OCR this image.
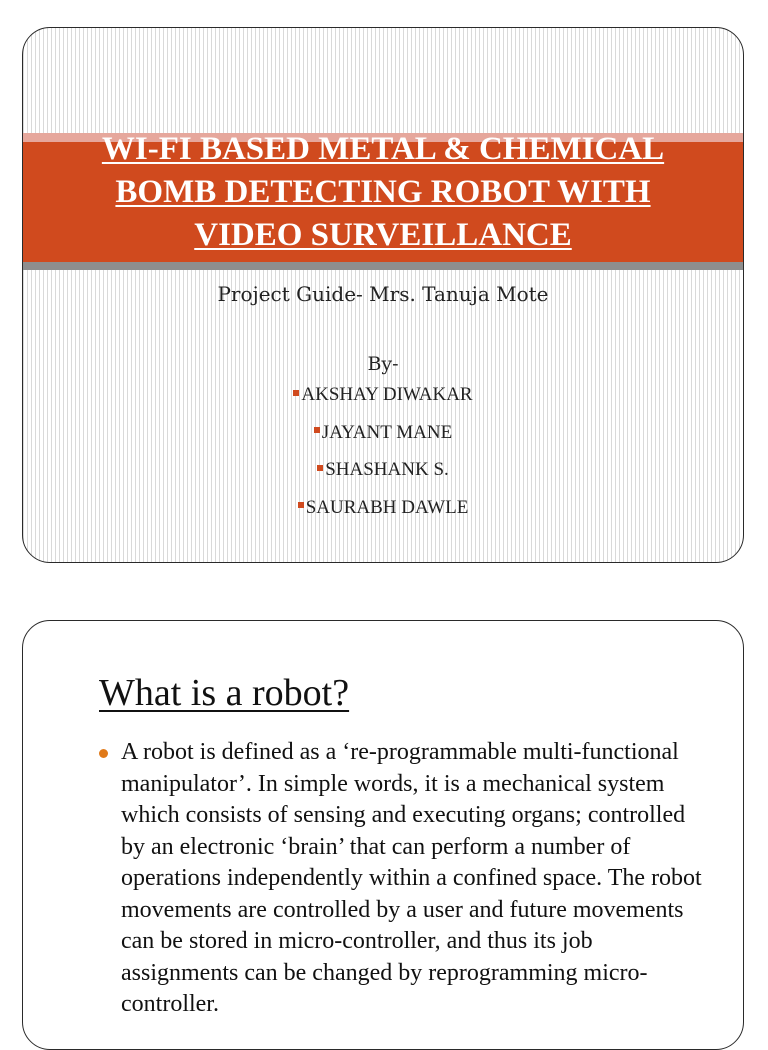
WI-FI BASED METAL & CHEMICAL
BOMB DETECTING ROBOT WITH
VIDEO SURVEILLANCE

Project Guide- Mrs. Tanuja Mote

By-

AKSHAY DIWAKAR
JAYANT MANE
SHASHANK S.
SAURABH DAWLE
What is a robot?
A robot is defined as a ‘re-programmable multi-functional manipulator’. In simple words, it is a mechanical system which consists of sensing and executing organs; controlled by an electronic ‘brain’ that can perform a number of operations independently within a confined space. The robot movements are controlled by a user and future movements can be stored in micro-controller, and thus its job assignments can be changed by reprogramming micro-controller.
